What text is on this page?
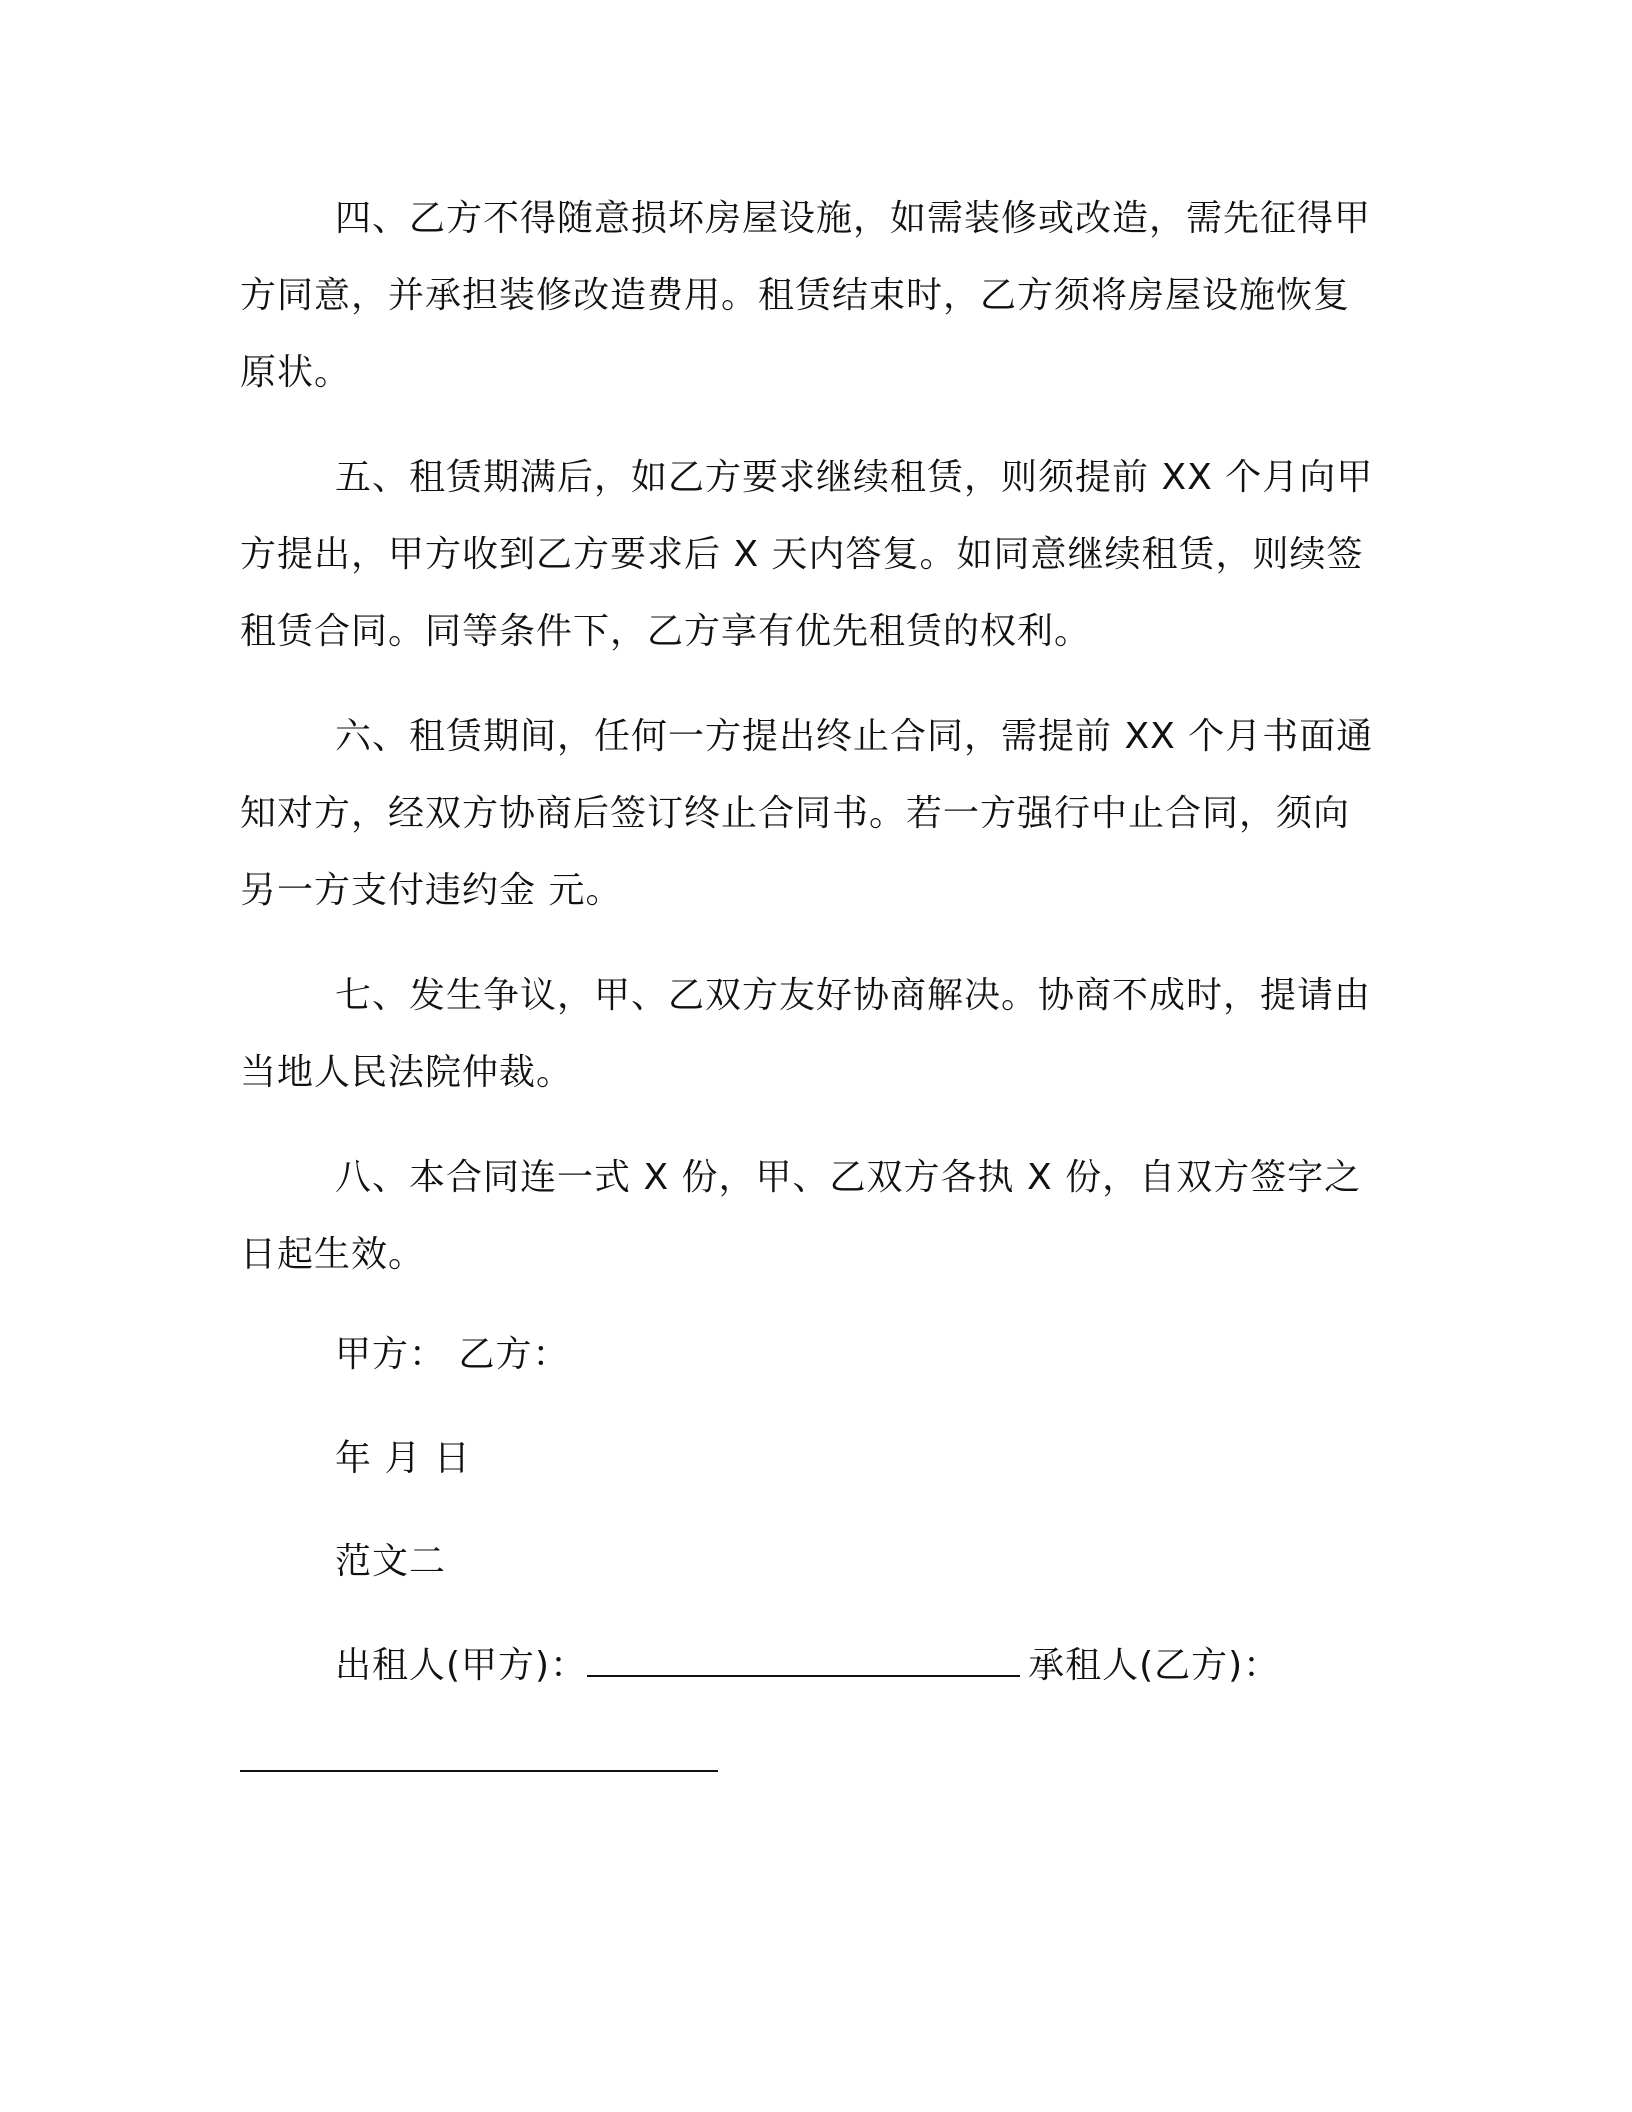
四、乙方不得随意损坏房屋设施，如需装修或改造，需先征得甲方同意，并承担装修改造费用。租赁结束时，乙方须将房屋设施恢复原状。

五、租赁期满后，如乙方要求继续租赁，则须提前 XX 个月向甲方提出，甲方收到乙方要求后 X 天内答复。如同意继续租赁，则续签租赁合同。同等条件下，乙方享有优先租赁的权利。

六、租赁期间，任何一方提出终止合同，需提前 XX 个月书面通知对方，经双方协商后签订终止合同书。若一方强行中止合同，须向另一方支付违约金 元。

七、发生争议，甲、乙双方友好协商解决。协商不成时，提请由当地人民法院仲裁。

八、本合同连一式 X 份，甲、乙双方各执 X 份，自双方签字之日起生效。

甲方： 乙方：

年 月 日

范文二

出租人(甲方)：	承租人(乙方)：
